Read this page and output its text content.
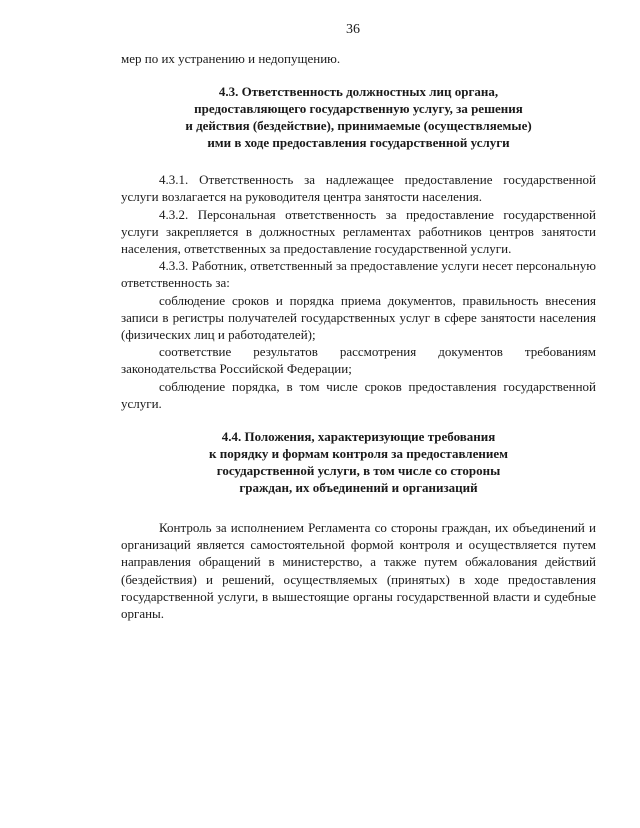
36

мер по их устранению и недопущению.

4.3. Ответственность должностных лиц органа,
предоставляющего государственную услугу, за решения
и действия (бездействие), принимаемые (осуществляемые)
ими в ходе предоставления государственной услуги

4.3.1. Ответственность за надлежащее предоставление государственной услуги возлагается на руководителя центра занятости населения.

4.3.2. Персональная ответственность за предоставление государственной услуги закрепляется в должностных регламентах работников центров занятости населения, ответственных за предоставление государственной услуги.

4.3.3. Работник, ответственный за предоставление услуги несет персональную ответственность за:

соблюдение сроков и порядка приема документов, правильность внесения записи в регистры получателей государственных услуг в сфере занятости населения (физических лиц и работодателей);

соответствие результатов рассмотрения документов требованиям законодательства Российской Федерации;

соблюдение порядка, в том числе сроков предоставления государственной услуги.

4.4. Положения, характеризующие требования
к порядку и формам контроля за предоставлением
государственной услуги, в том числе со стороны
граждан, их объединений и организаций

Контроль за исполнением Регламента со стороны граждан, их объединений и организаций является самостоятельной формой контроля и осуществляется путем направления обращений в министерство, а также путем обжалования действий (бездействия) и решений, осуществляемых (принятых) в ходе предоставления государственной услуги, в вышестоящие органы государственной власти и судебные органы.
